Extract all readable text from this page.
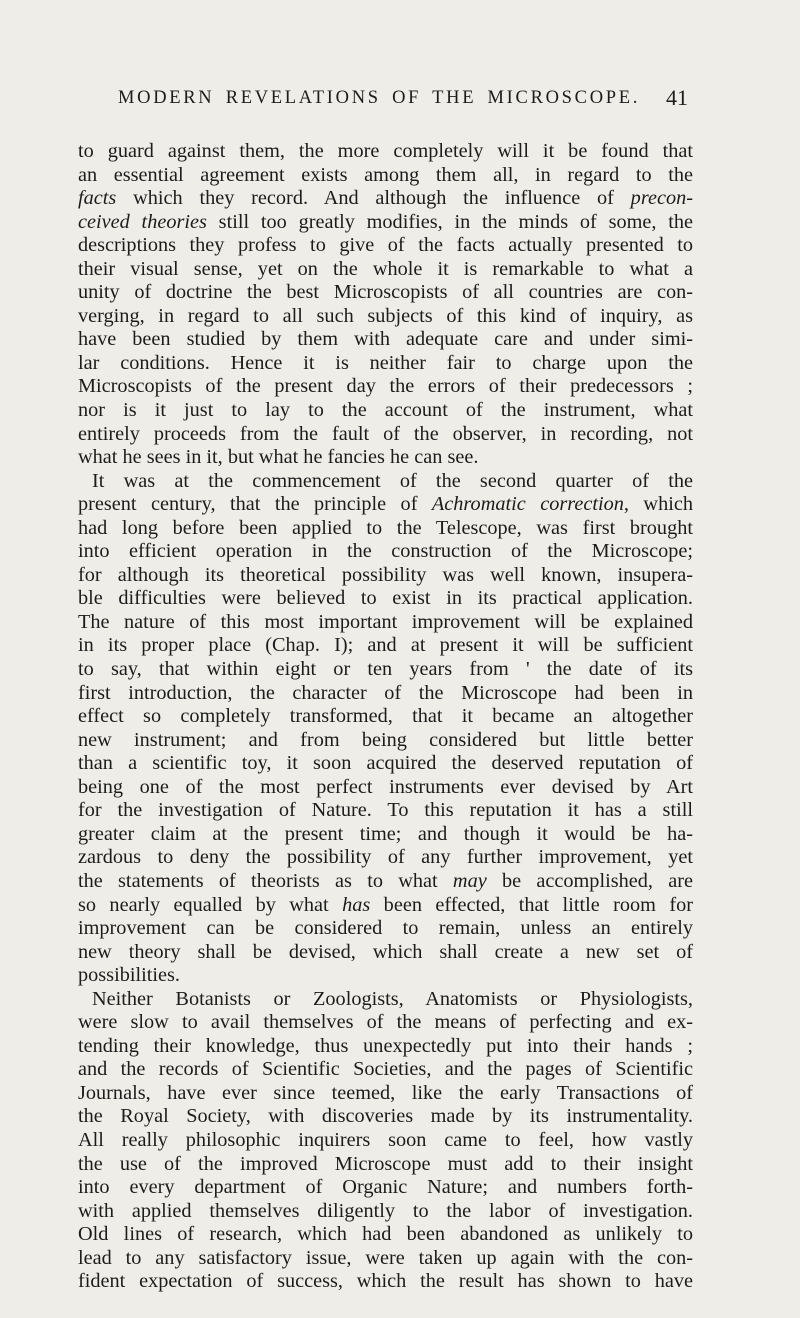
MODERN REVELATIONS OF THE MICROSCOPE. 41
to guard against them, the more completely will it be found that
an essential agreement exists among them all, in regard to the
facts which they record. And although the influence of precon-
ceived theories still too greatly modifies, in the minds of some, the
descriptions they profess to give of the facts actually presented to
their visual sense, yet on the whole it is remarkable to what a
unity of doctrine the best Microscopists of all countries are con-
verging, in regard to all such subjects of this kind of inquiry, as
have been studied by them with adequate care and under simi-
lar conditions. Hence it is neither fair to charge upon the
Microscopists of the present day the errors of their predecessors ;
nor is it just to lay to the account of the instrument, what
entirely proceeds from the fault of the observer, in recording, not
what he sees in it, but what he fancies he can see.
It was at the commencement of the second quarter of the
present century, that the principle of Achromatic correction, which
had long before been applied to the Telescope, was first brought
into efficient operation in the construction of the Microscope;
for although its theoretical possibility was well known, insupera-
ble difficulties were believed to exist in its practical application.
The nature of this most important improvement will be explained
in its proper place (Chap. I); and at present it will be sufficient
to say, that within eight or ten years from ' the date of its
first introduction, the character of the Microscope had been in
effect so completely transformed, that it became an altogether
new instrument; and from being considered but little better
than a scientific toy, it soon acquired the deserved reputation of
being one of the most perfect instruments ever devised by Art
for the investigation of Nature. To this reputation it has a still
greater claim at the present time; and though it would be ha-
zardous to deny the possibility of any further improvement, yet
the statements of theorists as to what may be accomplished, are
so nearly equalled by what has been effected, that little room for
improvement can be considered to remain, unless an entirely
new theory shall be devised, which shall create a new set of
possibilities.
Neither Botanists or Zoologists, Anatomists or Physiologists,
were slow to avail themselves of the means of perfecting and ex-
tending their knowledge, thus unexpectedly put into their hands ;
and the records of Scientific Societies, and the pages of Scientific
Journals, have ever since teemed, like the early Transactions of
the Royal Society, with discoveries made by its instrumentality.
All really philosophic inquirers soon came to feel, how vastly
the use of the improved Microscope must add to their insight
into every department of Organic Nature; and numbers forth-
with applied themselves diligently to the labor of investigation.
Old lines of research, which had been abandoned as unlikely to
lead to any satisfactory issue, were taken up again with the con-
fident expectation of success, which the result has shown to have
